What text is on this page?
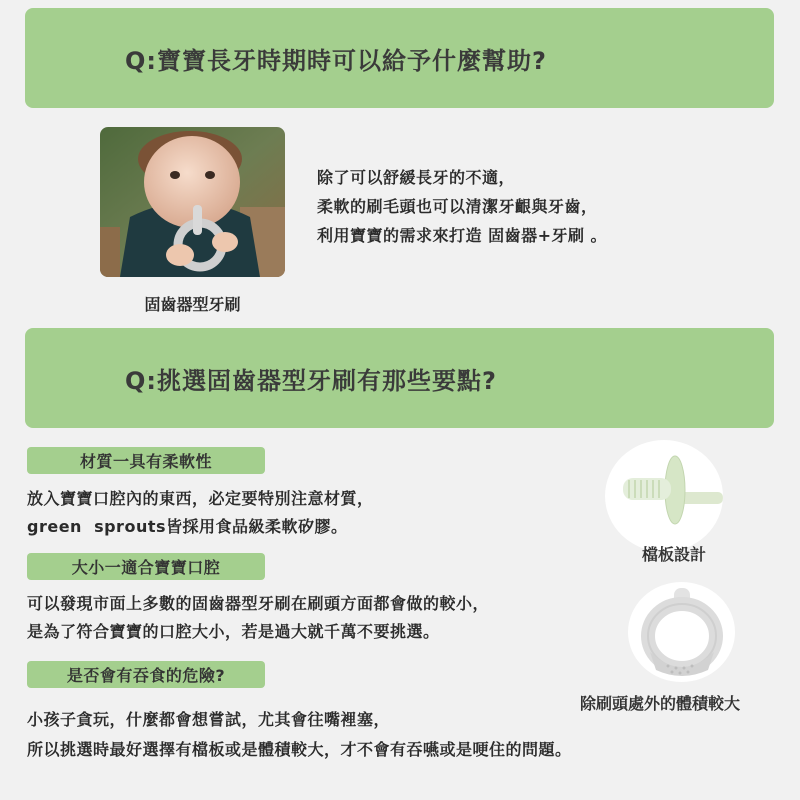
Q:寶寶長牙時期時可以給予什麼幫助?
固齒器型牙刷
除了可以舒緩長牙的不適，
柔軟的刷毛頭也可以清潔牙齦與牙齒，
利用寶寶的需求來打造 固齒器+牙刷 。
Q:挑選固齒器型牙刷有那些要點?
材質一具有柔軟性
放入寶寶口腔內的東西，必定要特別注意材質，
green  sprouts皆採用食品級柔軟矽膠。
大小一適合寶寶口腔
可以發現市面上多數的固齒器型牙刷在刷頭方面都會做的較小，
是為了符合寶寶的口腔大小，若是過大就千萬不要挑選。
是否會有吞食的危險?
小孩子貪玩，什麼都會想嘗試，尤其會往嘴裡塞，
所以挑選時最好選擇有檔板或是體積較大，才不會有吞嚥或是哽住的問題。
檔板設計
除刷頭處外的體積較大
